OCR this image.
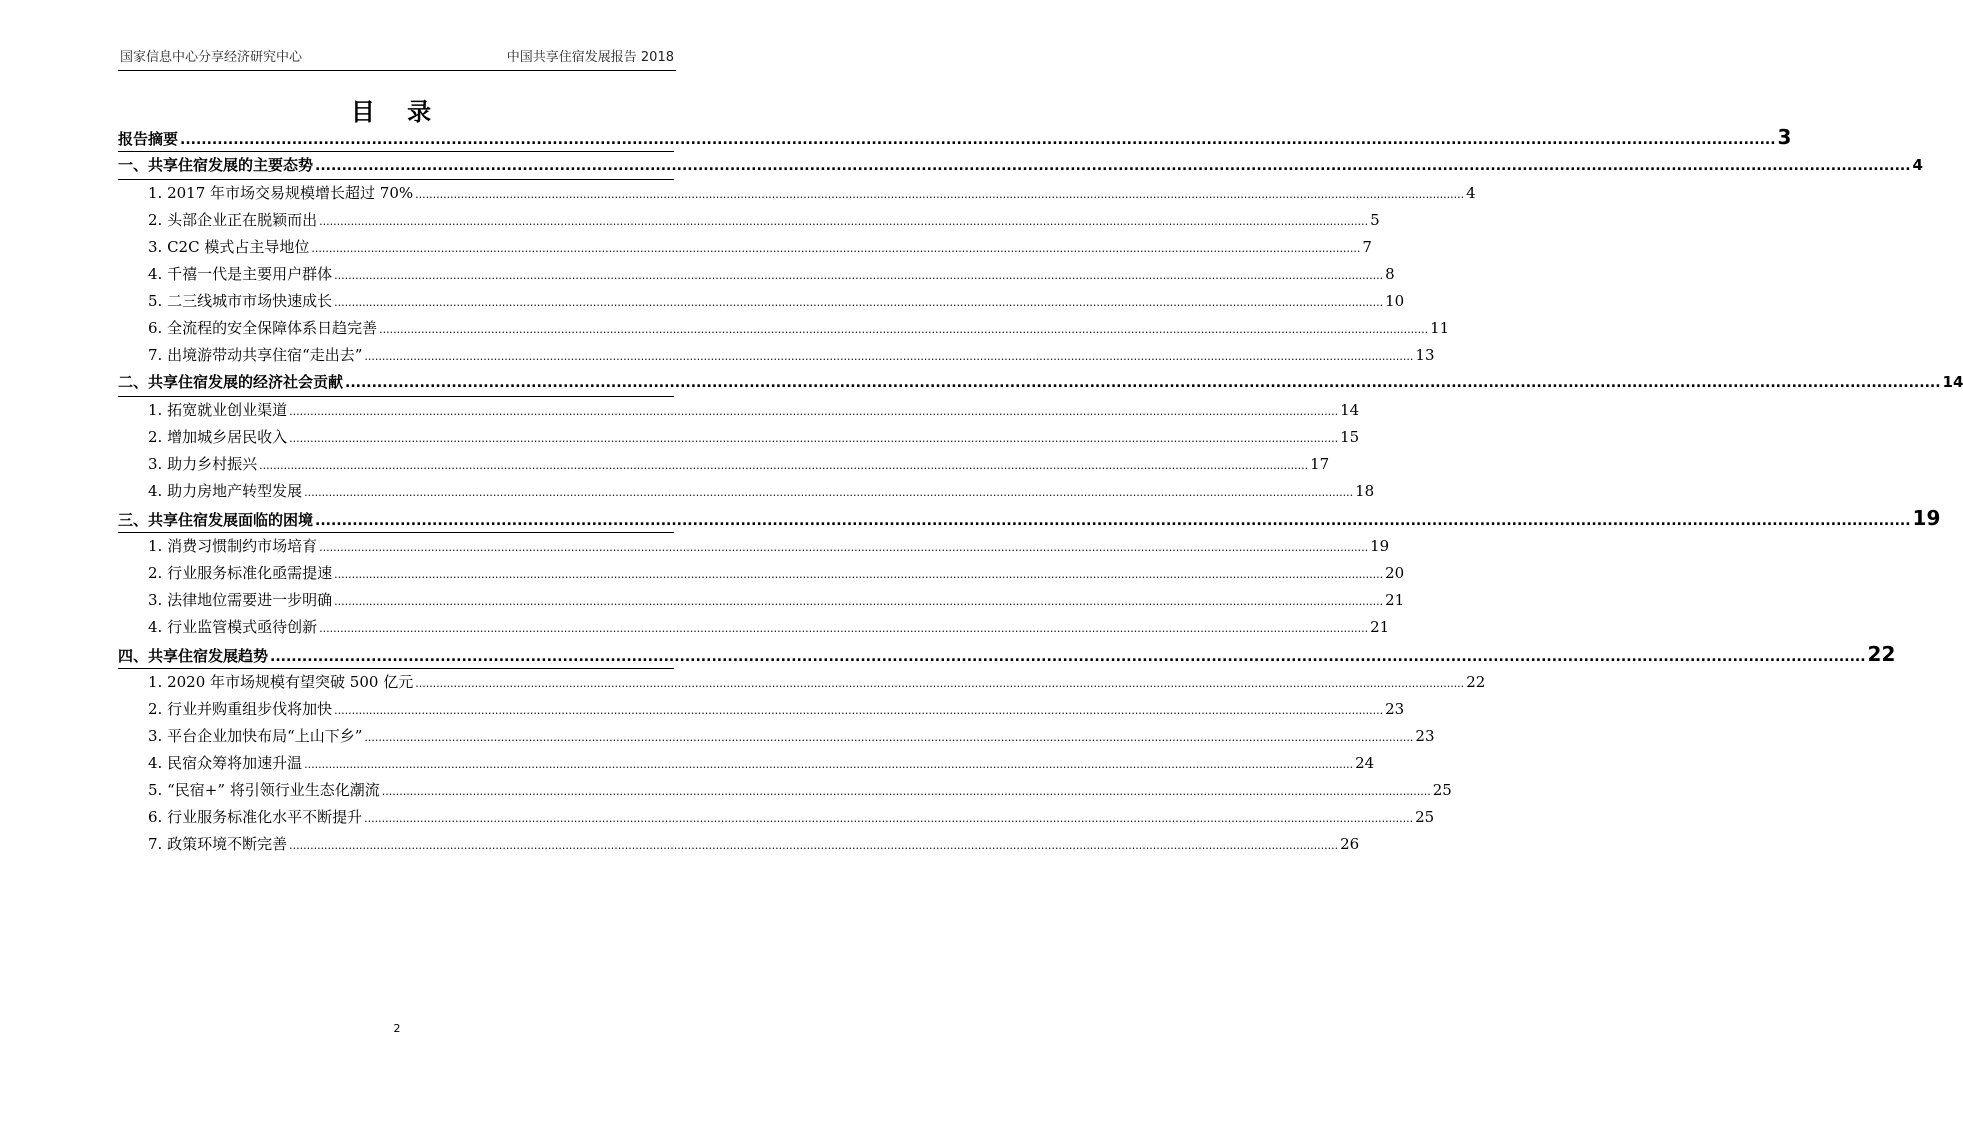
国家信息中心分享经济研究中心	中国共享住宿发展报告 2018
目 录
报告摘要 ............................................................................................................................................................................................................................................................................................................ 3
一、共享住宿发展的主要态势 ............................................................................................................................................................................................................................................................................................................ 4
1. 2017 年市场交易规模增长超过 70% ............................................................................................................................................................................................................................................................................................................ 4
2. 头部企业正在脱颖而出 ............................................................................................................................................................................................................................................................................................................ 5
3. C2C 模式占主导地位 ............................................................................................................................................................................................................................................................................................................ 7
4. 千禧一代是主要用户群体 ............................................................................................................................................................................................................................................................................................................ 8
5. 二三线城市市场快速成长 ............................................................................................................................................................................................................................................................................................................ 10
6. 全流程的安全保障体系日趋完善 ............................................................................................................................................................................................................................................................................................................ 11
7. 出境游带动共享住宿“走出去” ............................................................................................................................................................................................................................................................................................................ 13
二、共享住宿发展的经济社会贡献 ............................................................................................................................................................................................................................................................................................................ 14
1. 拓宽就业创业渠道 ............................................................................................................................................................................................................................................................................................................ 14
2. 增加城乡居民收入 ............................................................................................................................................................................................................................................................................................................ 15
3. 助力乡村振兴 ............................................................................................................................................................................................................................................................................................................ 17
4. 助力房地产转型发展 ............................................................................................................................................................................................................................................................................................................ 18
三、共享住宿发展面临的困境 ............................................................................................................................................................................................................................................................................................................ 19
1. 消费习惯制约市场培育 ............................................................................................................................................................................................................................................................................................................ 19
2. 行业服务标准化亟需提速 ............................................................................................................................................................................................................................................................................................................ 20
3. 法律地位需要进一步明确 ............................................................................................................................................................................................................................................................................................................ 21
4. 行业监管模式亟待创新 ............................................................................................................................................................................................................................................................................................................ 21
四、共享住宿发展趋势 ............................................................................................................................................................................................................................................................................................................ 22
1. 2020 年市场规模有望突破 500 亿元 ............................................................................................................................................................................................................................................................................................................ 22
2. 行业并购重组步伐将加快 ............................................................................................................................................................................................................................................................................................................ 23
3. 平台企业加快布局“上山下乡” ............................................................................................................................................................................................................................................................................................................ 23
4. 民宿众筹将加速升温 ............................................................................................................................................................................................................................................................................................................ 24
5. “民宿+” 将引领行业生态化潮流 ............................................................................................................................................................................................................................................................................................................ 25
6. 行业服务标准化水平不断提升 ............................................................................................................................................................................................................................................................................................................ 25
7. 政策环境不断完善 ............................................................................................................................................................................................................................................................................................................ 26
2
